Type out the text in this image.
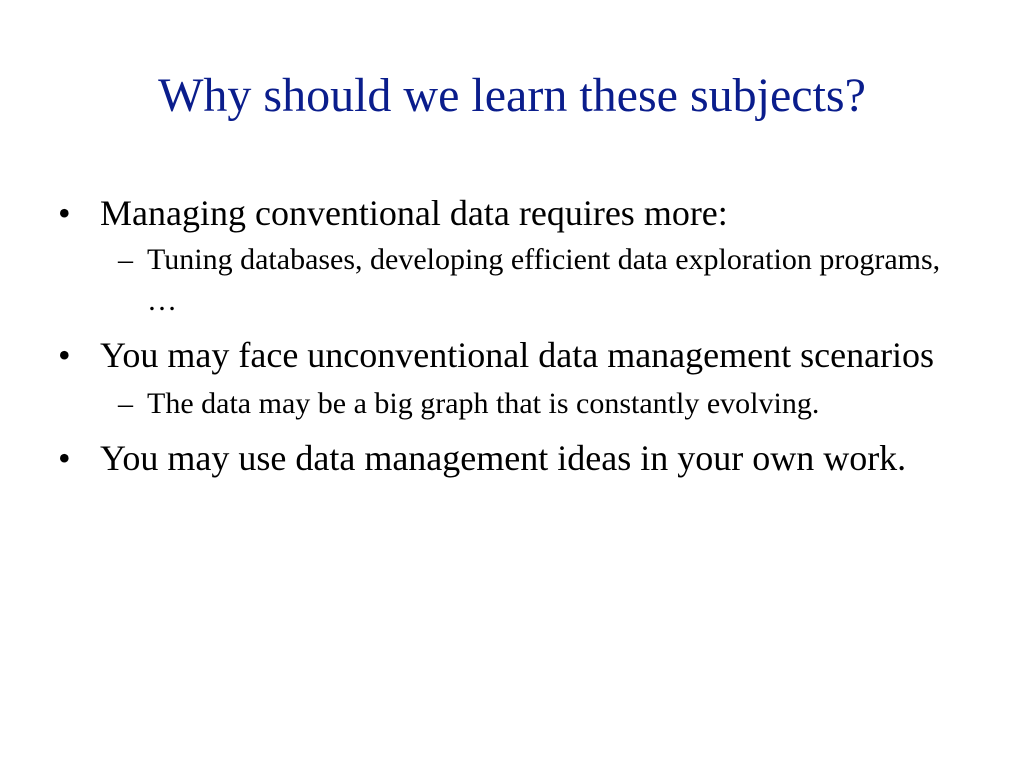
Why should we learn these subjects?
• Managing conventional data requires more:
– Tuning databases, developing efficient data exploration programs, …
• You may face unconventional data management scenarios
– The data may be a big graph that is constantly evolving.
• You may use data management ideas in your own work.
